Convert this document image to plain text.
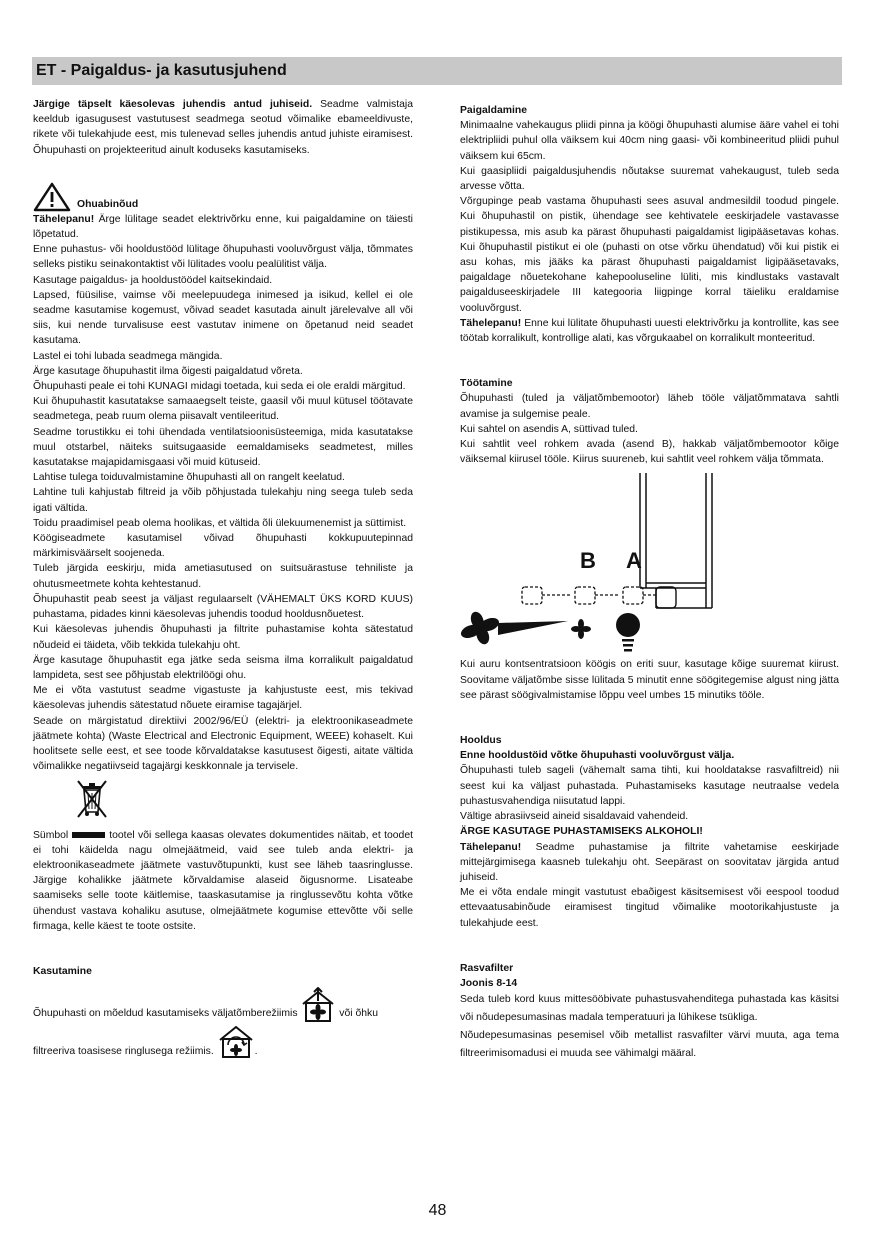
ET - Paigaldus- ja kasutusjuhend

Järgige täpselt käesolevas juhendis antud juhiseid. Seadme valmistaja keeldub igasugusest vastutusest seadmega seotud võimalike ebameeldivuste, rikete või tulekahjude eest, mis tulenevad selles juhendis antud juhiste eiramisest. Õhupuhasti on projekteeritud ainult koduseks kasutamiseks.

Ohuabinõud

Tähelepanu! Ärge lülitage seadet elektrivõrku enne, kui paigaldamine on täiesti lõpetatud.

Enne puhastus- või hooldustööd lülitage õhupuhasti vooluvõrgust välja, tõmmates selleks pistiku seinakontaktist või lülitades voolu pealülitist välja.

Kasutage paigaldus- ja hooldustöödel kaitsekindaid.

Lapsed, füüsilise, vaimse või meelepuudega inimesed ja isikud, kellel ei ole seadme kasutamise kogemust, võivad seadet kasutada ainult järelevalve all või siis, kui nende turvalisuse eest vastutav inimene on õpetanud neid seadet kasutama.

Lastel ei tohi lubada seadmega mängida.

Ärge kasutage õhupuhastit ilma õigesti paigaldatud võreta.

Õhupuhasti peale ei tohi KUNAGI midagi toetada, kui seda ei ole eraldi märgitud.

Kui õhupuhastit kasutatakse samaaegselt teiste, gaasil või muul kütusel töötavate seadmetega, peab ruum olema piisavalt ventileeritud.

Seadme torustikku ei tohi ühendada ventilatsioonisüsteemiga, mida kasutatakse muul otstarbel, näiteks suitsugaaside eemaldamiseks seadmetest, milles kasutatakse majapidamisgaasi või muid kütuseid.

Lahtise tulega toiduvalmistamine õhupuhasti all on rangelt keelatud.

Lahtine tuli kahjustab filtreid ja võib põhjustada tulekahju ning seega tuleb seda igati vältida.

Toidu praadimisel peab olema hoolikas, et vältida õli ülekuumenemist ja süttimist.

Köögiseadmete kasutamisel võivad õhupuhasti kokkupuutepinnad märkimisväärselt soojeneda.

Tuleb järgida eeskirju, mida ametiasutused on suitsuärastuse tehniliste ja ohutusmeetmete kohta kehtestanud.

Õhupuhastit peab seest ja väljast regulaarselt (VÄHEMALT ÜKS KORD KUUS) puhastama, pidades kinni käesolevas juhendis toodud hooldusnõuetest.

Kui käesolevas juhendis õhupuhasti ja filtrite puhastamise kohta sätestatud nõudeid ei täideta, võib tekkida tulekahju oht.

Ärge kasutage õhupuhastit ega jätke seda seisma ilma korralikult paigaldatud lampideta, sest see põhjustab elektrilöögi ohu.

Me ei võta vastutust seadme vigastuste ja kahjustuste eest, mis tekivad käesolevas juhendis sätestatud nõuete eiramise tagajärjel.

Seade on märgistatud direktiivi 2002/96/EÜ (elektri- ja elektroonikaseadmete jäätmete kohta) (Waste Electrical and Electronic Equipment, WEEE) kohaselt. Kui hoolitsete selle eest, et see toode kõrvaldatakse kasutusest õigesti, aitate vältida võimalikke negatiivseid tagajärgi keskkonnale ja tervisele.

Sümbol	tootel või sellega kaasas olevates dokumentides näitab, et toodet ei tohi käidelda nagu olmejäätmeid, vaid see tuleb anda elektri- ja elektroonikaseadmete jäätmete vastuvõtupunkti, kust see läheb taasringlusse. Järgige kohalikke jäätmete kõrvaldamise alaseid õigusnorme. Lisateabe saamiseks selle toote käitlemise, taaskasutamise ja ringlussevõtu kohta võtke ühendust vastava kohaliku asutuse, olmejäätmete kogumise ettevõtte või selle firmaga, kelle käest te toote ostsite.

Kasutamine

Õhupuhasti on mõeldud kasutamiseks väljatõmberežiimis	või õhku

filtreeriva toasisese ringlusega režiimis.	.

Paigaldamine

Minimaalne vahekaugus pliidi pinna ja köögi õhupuhasti alumise ääre vahel ei tohi elektripliidi puhul olla väiksem kui 40cm ning gaasi- või kombineeritud pliidi puhul väiksem kui 65cm.

Kui gaasipliidi paigaldusjuhendis nõutakse suuremat vahekaugust, tuleb seda arvesse võtta.

Võrgupinge peab vastama õhupuhasti sees asuval andmesildil toodud pingele. Kui õhupuhastil on pistik, ühendage see kehtivatele eeskirjadele vastavasse pistikupessa, mis asub ka pärast õhupuhasti paigaldamist ligipääsetavas kohas. Kui õhupuhastil pistikut ei ole (puhasti on otse võrku ühendatud) või kui pistik ei asu kohas, mis jääks ka pärast õhupuhasti paigaldamist ligipääsetavaks, paigaldage nõuetekohane kahepooluseline lüliti, mis kindlustaks vastavalt paigalduseeskirjadele III kategooria liigpinge korral täieliku eraldamise vooluvõrgust.

Tähelepanu! Enne kui lülitate õhupuhasti uuesti elektrivõrku ja kontrollite, kas see töötab korralikult, kontrollige alati, kas võrgukaabel on korralikult monteeritud.

Töötamine

Õhupuhasti (tuled ja väljatõmbemootor) läheb tööle väljatõmmatava sahtli avamise ja sulgemise peale.

Kui sahtel on asendis A, süttivad tuled.

Kui sahtlit veel rohkem avada (asend B), hakkab väljatõmbemootor kõige väiksemal kiirusel tööle. Kiirus suureneb, kui sahtlit veel rohkem välja tõmmata.

B A

Kui auru kontsentratsioon köögis on eriti suur, kasutage kõige suuremat kiirust. Soovitame väljatõmbe sisse lülitada 5 minutit enne söögitegemise algust ning jätta see pärast söögivalmistamise lõppu veel umbes 15 minutiks tööle.

Hooldus

Enne hooldustöid võtke õhupuhasti vooluvõrgust välja.

Õhupuhasti tuleb sageli (vähemalt sama tihti, kui hooldatakse rasvafiltreid) nii seest kui ka väljast puhastada. Puhastamiseks kasutage neutraalse vedela puhastusvahendiga niisutatud lappi.

Vältige abrasiivseid aineid sisaldavaid vahendeid.

ÄRGE KASUTAGE PUHASTAMISEKS ALKOHOLI!

Tähelepanu! Seadme puhastamise ja filtrite vahetamise eeskirjade mittejärgimisega kaasneb tulekahju oht. Seepärast on soovitatav järgida antud juhiseid.

Me ei võta endale mingit vastutust ebaõigest käsitsemisest või eespool toodud ettevaatusabinõude eiramisest tingitud võimalike mootorikahjustuste ja tulekahjude eest.

Rasvafilter

Joonis 8-14

Seda tuleb kord kuus mittesööbivate puhastusvahenditega puhastada kas käsitsi või nõudepesumasinas madala temperatuuri ja lühikese tsükliga.

Nõudepesumasinas pesemisel võib metallist rasvafilter värvi muuta, aga tema filtreerimisomadusi ei muuda see vähimalgi määral.

48
